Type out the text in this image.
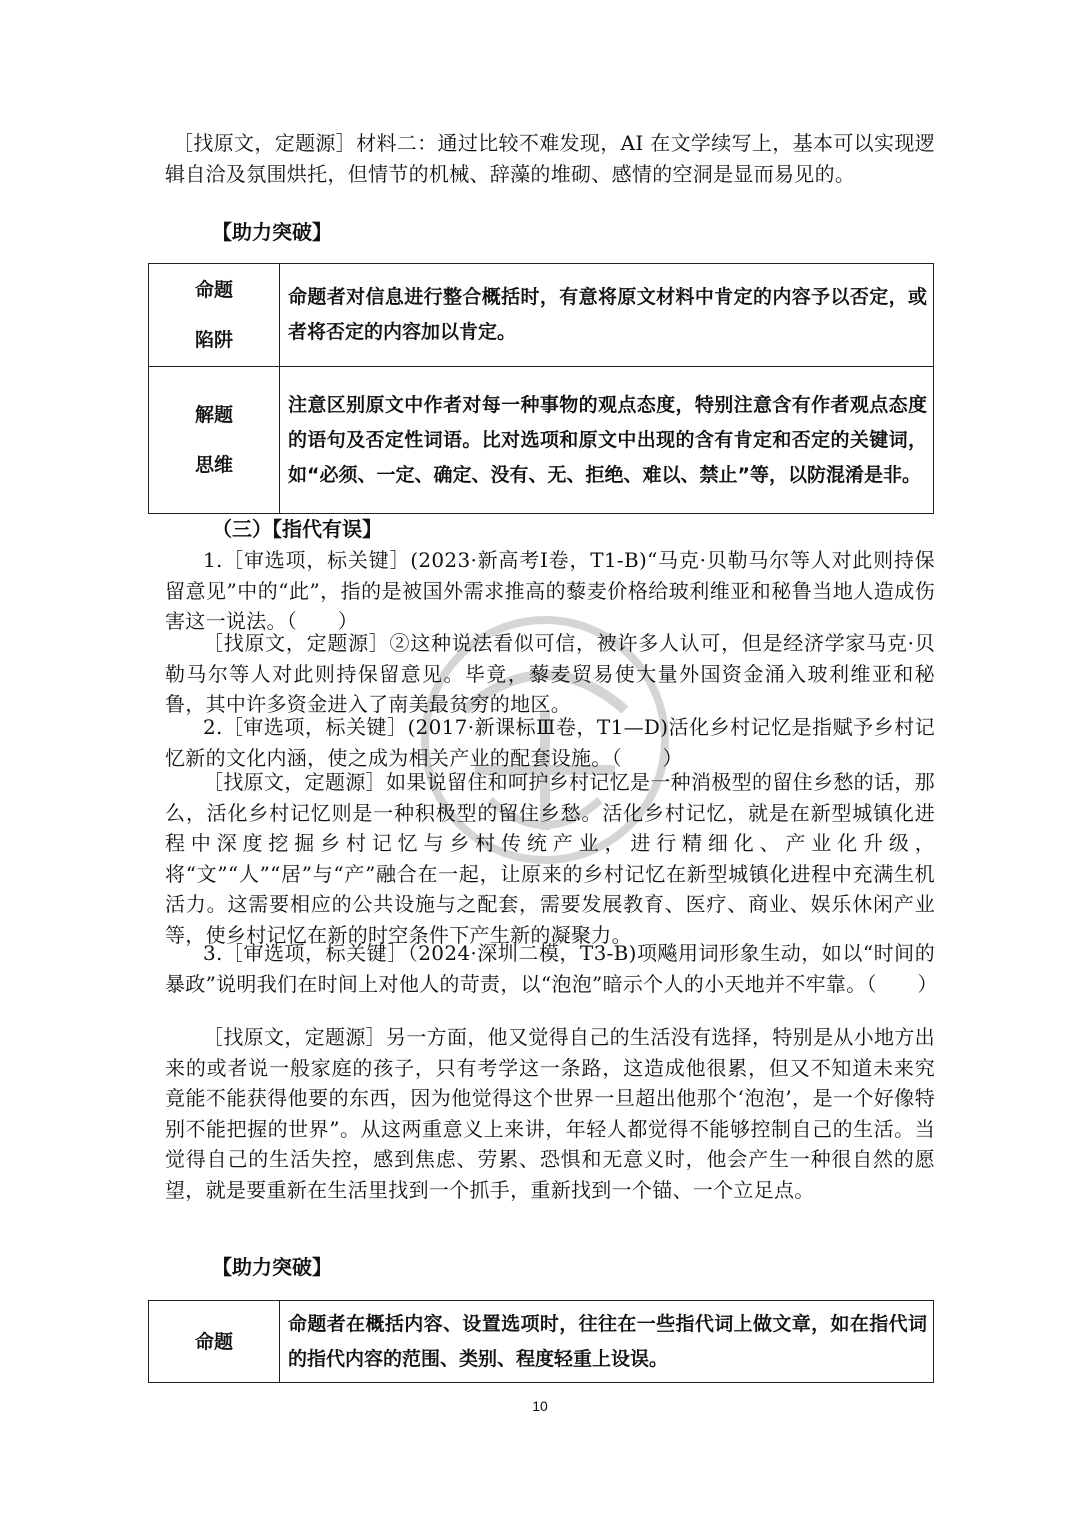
［找原文，定题源］材料二：通过比较不难发现，AI 在文学续写上，基本可以实现逻辑自洽及氛围烘托，但情节的机械、辞藻的堆砌、感情的空洞是显而易见的。

【助力突破】

命题
陷阱	命题者对信息进行整合概括时，有意将原文材料中肯定的内容予以否定，或者将否定的内容加以肯定。

解题
思维	注意区别原文中作者对每一种事物的观点态度，特别注意含有作者观点态度的语句及否定性词语。比对选项和原文中出现的含有肯定和否定的关键词，如“必须、一定、确定、没有、无、拒绝、难以、禁止”等，以防混淆是非。

（三）【指代有误】

1.［审选项，标关键］(2023·新高考Ⅰ卷，T1-B)“马克·贝勒马尔等人对此则持保留意见”中的“此”，指的是被国外需求推高的藜麦价格给玻利维亚和秘鲁当地人造成伤害这一说法。（　　）

［找原文，定题源］②这种说法看似可信，被许多人认可，但是经济学家马克·贝勒马尔等人对此则持保留意见。毕竟，藜麦贸易使大量外国资金涌入玻利维亚和秘鲁，其中许多资金进入了南美最贫穷的地区。

2.［审选项，标关键］(2017·新课标Ⅲ卷，T1—D)活化乡村记忆是指赋予乡村记忆新的文化内涵，使之成为相关产业的配套设施。（　　）

［找原文，定题源］如果说留住和呵护乡村记忆是一种消极型的留住乡愁的话，那么，活化乡村记忆则是一种积极型的留住乡愁。活化乡村记忆，就是在新型城镇化进程中深度挖掘乡村记忆与乡村传统产业，进行精细化、产业化升级，将“文”“人”“居”与“产”融合在一起，让原来的乡村记忆在新型城镇化进程中充满生机活力。这需要相应的公共设施与之配套，需要发展教育、医疗、商业、娱乐休闲产业等，使乡村记忆在新的时空条件下产生新的凝聚力。

3.［审选项，标关键］（2024·深圳二模，T3-B)项飚用词形象生动，如以“时间的暴政”说明我们在时间上对他人的苛责，以“泡泡”暗示个人的小天地并不牢靠。（　　）

［找原文，定题源］另一方面，他又觉得自己的生活没有选择，特别是从小地方出来的或者说一般家庭的孩子，只有考学这一条路，这造成他很累，但又不知道未来究竟能不能获得他要的东西，因为他觉得这个世界一旦超出他那个‘泡泡’，是一个好像特别不能把握的世界”。从这两重意义上来讲，年轻人都觉得不能够控制自己的生活。当觉得自己的生活失控，感到焦虑、劳累、恐惧和无意义时，他会产生一种很自然的愿望，就是要重新在生活里找到一个抓手，重新找到一个锚、一个立足点。

【助力突破】

命题
	命题者在概括内容、设置选项时，往往在一些指代词上做文章，如在指代词的指代内容的范围、类别、程度轻重上设误。
10
